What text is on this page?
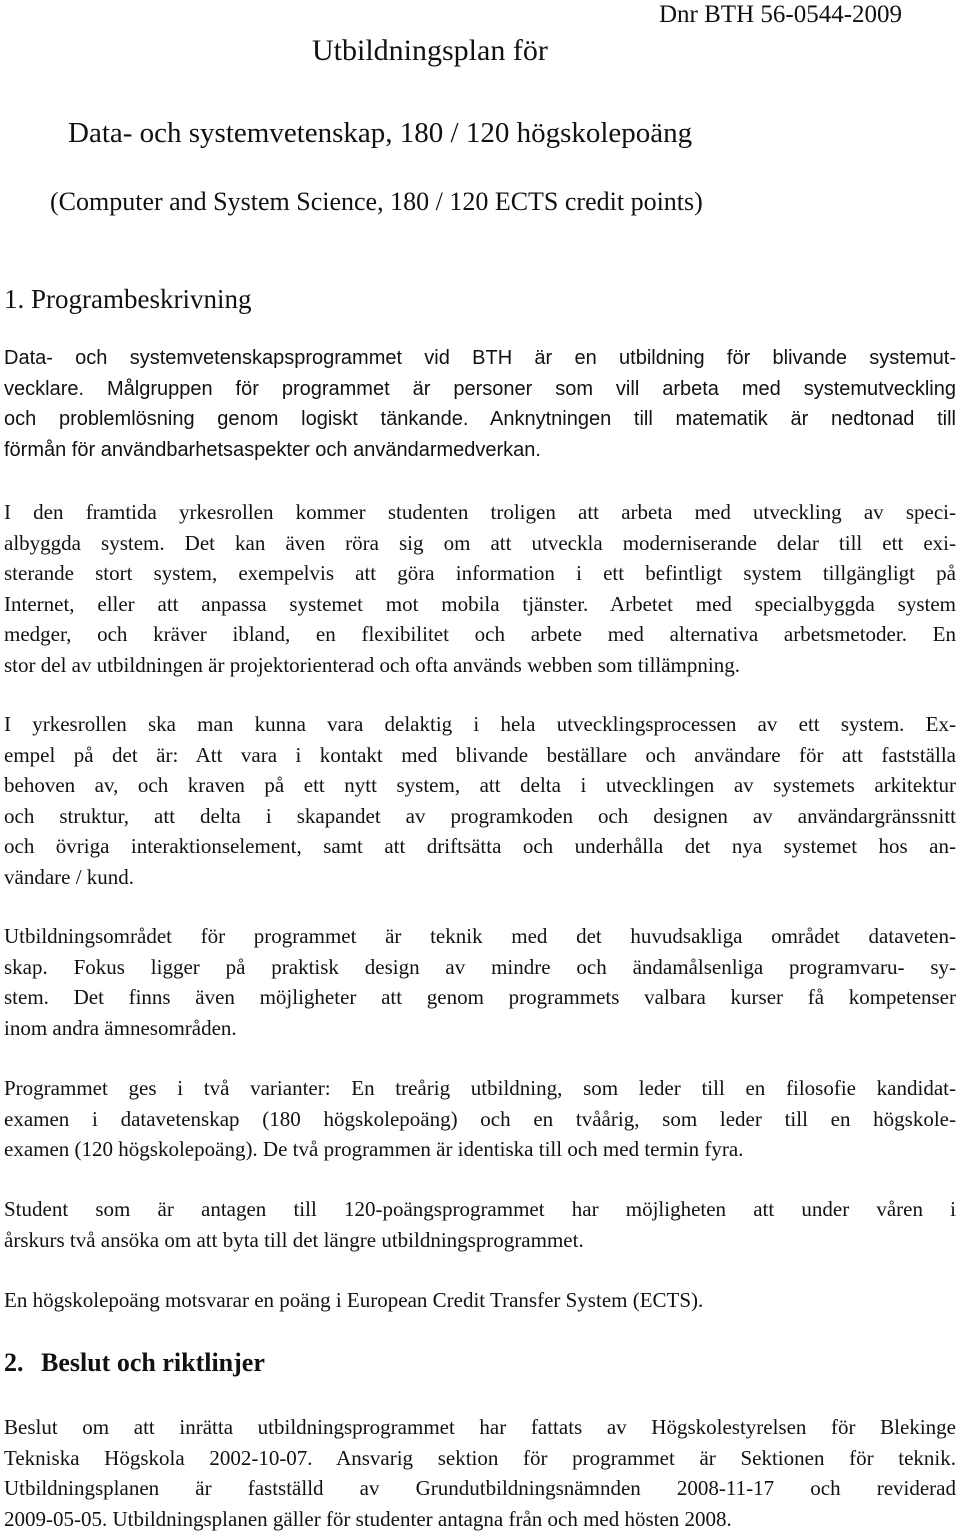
Utbildningsplan för
Dnr BTH 56-0544-2009
Data- och systemvetenskap, 180 / 120 högskolepoäng
(Computer and System Science, 180 / 120 ECTS credit points)
1. Programbeskrivning
Data- och systemvetenskapsprogrammet vid BTH är en utbildning för blivande systemut-
vecklare. Målgruppen för programmet är personer som vill arbeta med systemutveckling
och problemlösning genom logiskt tänkande. Anknytningen till matematik är nedtonad till
förmån för användbarhetsaspekter och användarmedverkan.
I den framtida yrkesrollen kommer studenten troligen att arbeta med utveckling av speci-
albyggda system. Det kan även röra sig om att utveckla moderniserande delar till ett exi-
sterande stort system, exempelvis att göra information i ett befintligt system tillgängligt på
Internet, eller att anpassa systemet mot mobila tjänster. Arbetet med specialbyggda system
medger, och kräver ibland, en flexibilitet och arbete med alternativa arbetsmetoder. En
stor del av utbildningen är projektorienterad och ofta används webben som tillämpning.
I yrkesrollen ska man kunna vara delaktig i hela utvecklingsprocessen av ett system. Ex-
empel på det är: Att vara i kontakt med blivande beställare och användare för att fastställa
behoven av, och kraven på ett nytt system, att delta i utvecklingen av systemets arkitektur
och struktur, att delta i skapandet av programkoden och designen av användargränssnitt
och övriga interaktionselement, samt att driftsätta och underhålla det nya systemet hos an-
vändare / kund.
Utbildningsområdet för programmet är teknik med det huvudsakliga området dataveten-
skap. Fokus ligger på praktisk design av mindre och ändamålsenliga programvaru- sy-
stem. Det finns även möjligheter att genom programmets valbara kurser få kompetenser
inom andra ämnesområden.
Programmet ges i två varianter: En treårig utbildning, som leder till en filosofie kandidat-
examen i datavetenskap (180 högskolepoäng) och en tvåårig, som leder till en högskole-
examen (120 högskolepoäng). De två programmen är identiska till och med termin fyra.
Student som är antagen till 120-poängsprogrammet har möjligheten att under våren i
årskurs två ansöka om att byta till det längre utbildningsprogrammet.
En högskolepoäng motsvarar en poäng i European Credit Transfer System (ECTS).
2. Beslut och riktlinjer
Beslut om att inrätta utbildningsprogrammet har fattats av Högskolestyrelsen för Blekinge
Tekniska Högskola 2002-10-07. Ansvarig sektion för programmet är Sektionen för teknik.
Utbildningsplanen är fastställd av Grundutbildningsnämnden 2008-11-17 och reviderad
2009-05-05. Utbildningsplanen gäller för studenter antagna från och med hösten 2008.
